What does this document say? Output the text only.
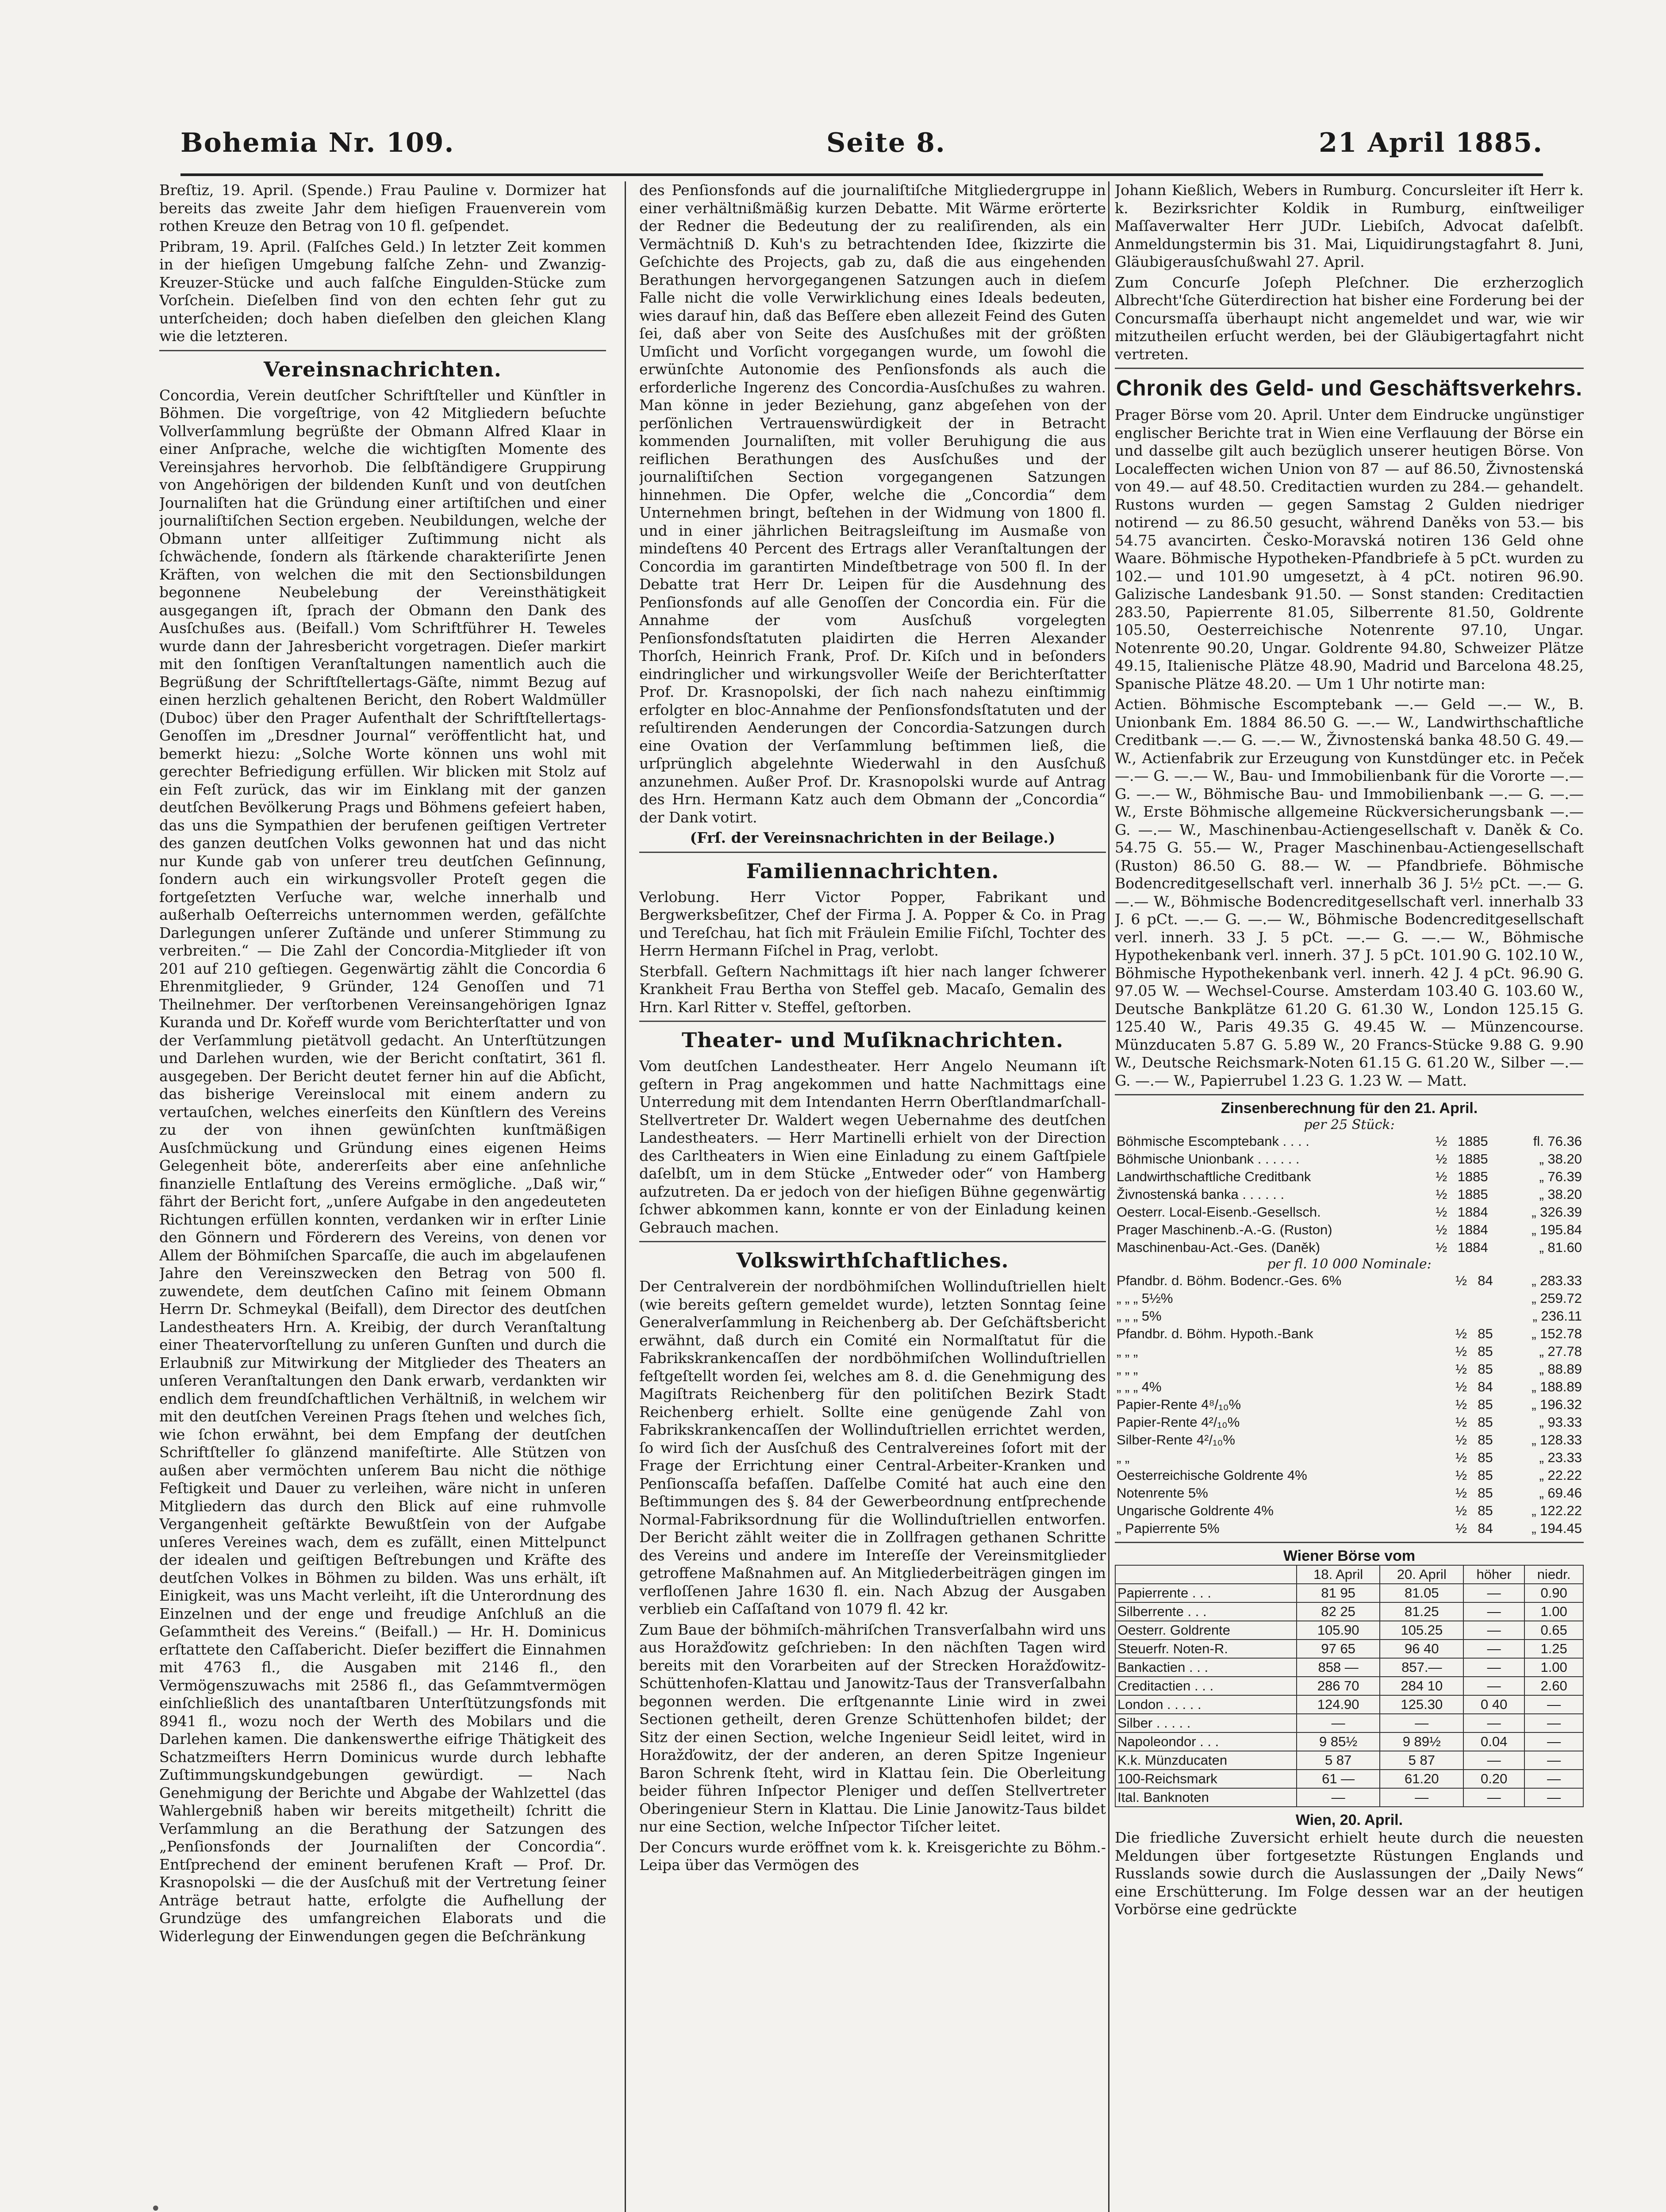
Bohemia Nr. 109.	Seite 8.	21 April 1885.

Breſtiz, 19. April. (Spende.) Frau Pauline v. Dormizer hat bereits das zweite Jahr dem hieſigen Frauenverein vom rothen Kreuze den Betrag von 10 fl. geſpendet.

Pribram, 19. April. (Falſches Geld.) In letzter Zeit kommen in der hieſigen Umgebung falſche Zehn- und Zwanzig-Kreuzer-Stücke und auch falſche Eingulden-Stücke zum Vorſchein. Dieſelben ſind von den echten ſehr gut zu unterſcheiden; doch haben dieſelben den gleichen Klang wie die letzteren.

Vereinsnachrichten.

Concordia, Verein deutſcher Schriftſteller und Künſtler in Böhmen. Die vorgeſtrige, von 42 Mitgliedern beſuchte Vollverſammlung begrüßte der Obmann Alfred Klaar in einer Anſprache, welche die wichtigſten Momente des Vereinsjahres hervorhob. Die ſelbſtändigere Gruppirung von Angehörigen der bildenden Kunſt und von deutſchen Journaliſten hat die Gründung einer artiſtiſchen und einer journaliſtiſchen Section ergeben. Neubildungen, welche der Obmann unter allſeitiger Zuſtimmung nicht als ſchwächende, ſondern als ſtärkende charakteriſirte Jenen Kräften, von welchen die mit den Sectionsbildungen begonnene Neubelebung der Vereinsthätigkeit ausgegangen iſt, ſprach der Obmann den Dank des Ausſchußes aus. (Beifall.) Vom Schriftführer H. Teweles wurde dann der Jahresbericht vorgetragen. Dieſer markirt mit den ſonſtigen Veranſtaltungen namentlich auch die Begrüßung der Schriftſtellertags-Gäſte, nimmt Bezug auf einen herzlich gehaltenen Bericht, den Robert Waldmüller (Duboc) über den Prager Aufenthalt der Schriftſtellertags-Genoſſen im „Dresdner Journal“ veröffentlicht hat, und bemerkt hiezu: „Solche Worte können uns wohl mit gerechter Befriedigung erfüllen. Wir blicken mit Stolz auf ein Feſt zurück, das wir im Einklang mit der ganzen deutſchen Bevölkerung Prags und Böhmens gefeiert haben, das uns die Sympathien der berufenen geiſtigen Vertreter des ganzen deutſchen Volks gewonnen hat und das nicht nur Kunde gab von unſerer treu deutſchen Geſinnung, ſondern auch ein wirkungsvoller Proteſt gegen die fortgeſetzten Verſuche war, welche innerhalb und außerhalb Oeſterreichs unternommen werden, gefälſchte Darlegungen unſerer Zuſtände und unſerer Stimmung zu verbreiten.“ — Die Zahl der Concordia-Mitglieder iſt von 201 auf 210 geſtiegen. Gegenwärtig zählt die Concordia 6 Ehrenmitglieder, 9 Gründer, 124 Genoſſen und 71 Theilnehmer. Der verſtorbenen Vereinsangehörigen Ignaz Kuranda und Dr. Kořeff wurde vom Berichterſtatter und von der Verſammlung pietätvoll gedacht. An Unterſtützungen und Darlehen wurden, wie der Bericht conſtatirt, 361 fl. ausgegeben. Der Bericht deutet ferner hin auf die Abſicht, das bisherige Vereinslocal mit einem andern zu vertauſchen, welches einerſeits den Künſtlern des Vereins zu der von ihnen gewünſchten kunſtmäßigen Ausſchmückung und Gründung eines eigenen Heims Gelegenheit böte, andererſeits aber eine anſehnliche finanzielle Entlaſtung des Vereins ermögliche. „Daß wir,“ fährt der Bericht fort, „unſere Aufgabe in den angedeuteten Richtungen erfüllen konnten, verdanken wir in erſter Linie den Gönnern und Förderern des Vereins, von denen vor Allem der Böhmiſchen Sparcaſſe, die auch im abgelaufenen Jahre den Vereinszwecken den Betrag von 500 fl. zuwendete, dem deutſchen Caſino mit ſeinem Obmann Herrn Dr. Schmeykal (Beifall), dem Director des deutſchen Landestheaters Hrn. A. Kreibig, der durch Veranſtaltung einer Theatervorſtellung zu unſeren Gunſten und durch die Erlaubniß zur Mitwirkung der Mitglieder des Theaters an unſeren Veranſtaltungen den Dank erwarb, verdankten wir endlich dem freundſchaftlichen Verhältniß, in welchem wir mit den deutſchen Vereinen Prags ſtehen und welches ſich, wie ſchon erwähnt, bei dem Empfang der deutſchen Schriftſteller ſo glänzend manifeſtirte. Alle Stützen von außen aber vermöchten unſerem Bau nicht die nöthige Feſtigkeit und Dauer zu verleihen, wäre nicht in unſeren Mitgliedern das durch den Blick auf eine ruhmvolle Vergangenheit geſtärkte Bewußtſein von der Aufgabe unſeres Vereines wach, dem es zufällt, einen Mittelpunct der idealen und geiſtigen Beſtrebungen und Kräfte des deutſchen Volkes in Böhmen zu bilden. Was uns erhält, iſt Einigkeit, was uns Macht verleiht, iſt die Unterordnung des Einzelnen und der enge und freudige Anſchluß an die Geſammtheit des Vereins.“ (Beifall.) — Hr. H. Dominicus erſtattete den Caſſabericht. Dieſer beziffert die Einnahmen mit 4763 fl., die Ausgaben mit 2146 fl., den Vermögenszuwachs mit 2586 fl., das Geſammtvermögen einſchließlich des unantaſtbaren Unterſtützungsfonds mit 8941 fl., wozu noch der Werth des Mobilars und die Darlehen kamen. Die dankenswerthe eifrige Thätigkeit des Schatzmeiſters Herrn Dominicus wurde durch lebhafte Zuſtimmungskundgebungen gewürdigt. — Nach Genehmigung der Berichte und Abgabe der Wahlzettel (das Wahlergebniß haben wir bereits mitgetheilt) ſchritt die Verſammlung an die Berathung der Satzungen des „Penſionsfonds der Journaliſten der Concordia“. Entſprechend der eminent berufenen Kraft — Prof. Dr. Krasnopolski — die der Ausſchuß mit der Vertretung ſeiner Anträge betraut hatte, erfolgte die Aufhellung der Grundzüge des umfangreichen Elaborats und die Widerlegung der Einwendungen gegen die Beſchränkung

des Penſionsfonds auf die journaliſtiſche Mitgliedergruppe in einer verhältnißmäßig kurzen Debatte. Mit Wärme erörterte der Redner die Bedeutung der zu realiſirenden, als ein Vermächtniß D. Kuh's zu betrachtenden Idee, ſkizzirte die Geſchichte des Projects, gab zu, daß die aus eingehenden Berathungen hervorgegangenen Satzungen auch in dieſem Falle nicht die volle Verwirklichung eines Ideals bedeuten, wies darauf hin, daß das Beſſere eben allezeit Feind des Guten ſei, daß aber von Seite des Ausſchußes mit der größten Umſicht und Vorſicht vorgegangen wurde, um ſowohl die erwünſchte Autonomie des Penſionsfonds als auch die erforderliche Ingerenz des Concordia-Ausſchußes zu wahren. Man könne in jeder Beziehung, ganz abgeſehen von der perſönlichen Vertrauenswürdigkeit der in Betracht kommenden Journaliſten, mit voller Beruhigung die aus reiflichen Berathungen des Ausſchußes und der journaliſtiſchen Section vorgegangenen Satzungen hinnehmen. Die Opfer, welche die „Concordia“ dem Unternehmen bringt, beſtehen in der Widmung von 1800 fl. und in einer jährlichen Beitragsleiſtung im Ausmaße von mindeſtens 40 Percent des Ertrags aller Veranſtaltungen der Concordia im garantirten Mindeſtbetrage von 500 fl. In der Debatte trat Herr Dr. Leipen für die Ausdehnung des Penſionsfonds auf alle Genoſſen der Concordia ein. Für die Annahme der vom Ausſchuß vorgelegten Penſionsfondsſtatuten plaidirten die Herren Alexander Thorſch, Heinrich Frank, Prof. Dr. Kiſch und in beſonders eindringlicher und wirkungsvoller Weiſe der Berichterſtatter Prof. Dr. Krasnopolski, der ſich nach nahezu einſtimmig erfolgter en bloc-Annahme der Penſionsfondsſtatuten und der reſultirenden Aenderungen der Concordia-Satzungen durch eine Ovation der Verſammlung beſtimmen ließ, die urſprünglich abgelehnte Wiederwahl in den Ausſchuß anzunehmen. Außer Prof. Dr. Krasnopolski wurde auf Antrag des Hrn. Hermann Katz auch dem Obmann der „Concordia“ der Dank votirt.

(Frſ. der Vereinsnachrichten in der Beilage.)

Familiennachrichten.

Verlobung. Herr Victor Popper, Fabrikant und Bergwerksbeſitzer, Chef der Firma J. A. Popper & Co. in Prag und Tereſchau, hat ſich mit Fräulein Emilie Fiſchl, Tochter des Herrn Hermann Fiſchel in Prag, verlobt.

Sterbfall. Geſtern Nachmittags iſt hier nach langer ſchwerer Krankheit Frau Bertha von Steffel geb. Macaſo, Gemalin des Hrn. Karl Ritter v. Steffel, geſtorben.

Theater- und Muſiknachrichten.

Vom deutſchen Landestheater. Herr Angelo Neumann iſt geſtern in Prag angekommen und hatte Nachmittags eine Unterredung mit dem Intendanten Herrn Oberſtlandmarſchall-Stellvertreter Dr. Waldert wegen Uebernahme des deutſchen Landestheaters. — Herr Martinelli erhielt von der Direction des Carltheaters in Wien eine Einladung zu einem Gaſtſpiele daſelbſt, um in dem Stücke „Entweder oder“ von Hamberg aufzutreten. Da er jedoch von der hieſigen Bühne gegenwärtig ſchwer abkommen kann, konnte er von der Einladung keinen Gebrauch machen.

Volkswirthſchaftliches.

Der Centralverein der nordböhmiſchen Wollinduſtriellen hielt (wie bereits geſtern gemeldet wurde), letzten Sonntag ſeine Generalverſammlung in Reichenberg ab. Der Geſchäftsbericht erwähnt, daß durch ein Comité ein Normalſtatut für die Fabrikskrankencaſſen der nordböhmiſchen Wollinduſtriellen feſtgeſtellt worden ſei, welches am 8. d. die Genehmigung des Magiſtrats Reichenberg für den politiſchen Bezirk Stadt Reichenberg erhielt. Sollte eine genügende Zahl von Fabrikskrankencaſſen der Wollinduſtriellen errichtet werden, ſo wird ſich der Ausſchuß des Centralvereines ſofort mit der Frage der Errichtung einer Central-Arbeiter-Kranken und Penſionscaſſa befaſſen. Daſſelbe Comité hat auch eine den Beſtimmungen des §. 84 der Gewerbeordnung entſprechende Normal-Fabriksordnung für die Wollinduſtriellen entworfen. Der Bericht zählt weiter die in Zollfragen gethanen Schritte des Vereins und andere im Intereſſe der Vereinsmitglieder getroffene Maßnahmen auf. An Mitgliederbeiträgen gingen im verfloſſenen Jahre 1630 fl. ein. Nach Abzug der Ausgaben verblieb ein Caſſaſtand von 1079 fl. 42 kr.

Zum Baue der böhmiſch-mähriſchen Transverſalbahn wird uns aus Horažďowitz geſchrieben: In den nächſten Tagen wird bereits mit den Vorarbeiten auf der Strecken Horažďowitz-Schüttenhofen-Klattau und Janowitz-Taus der Transverſalbahn begonnen werden. Die erſtgenannte Linie wird in zwei Sectionen getheilt, deren Grenze Schüttenhofen bildet; der Sitz der einen Section, welche Ingenieur Seidl leitet, wird in Horažďowitz, der der anderen, an deren Spitze Ingenieur Baron Schrenk ſteht, wird in Klattau ſein. Die Oberleitung beider führen Inſpector Pleniger und deſſen Stellvertreter Oberingenieur Stern in Klattau. Die Linie Janowitz-Taus bildet nur eine Section, welche Inſpector Tiſcher leitet.

Der Concurs wurde eröffnet vom k. k. Kreisgerichte zu Böhm.-Leipa über das Vermögen des

Johann Kießlich, Webers in Rumburg. Concursleiter iſt Herr k. k. Bezirksrichter Koldik in Rumburg, einſtweiliger Maſſaverwalter Herr JUDr. Liebiſch, Advocat daſelbſt. Anmeldungstermin bis 31. Mai, Liquidirungstagfahrt 8. Juni, Gläubigerausſchußwahl 27. April.

Zum Concurſe Joſeph Pleſchner. Die erzherzoglich Albrecht'ſche Güterdirection hat bisher eine Forderung bei der Concursmaſſa überhaupt nicht angemeldet und war, wie wir mitzutheilen erſucht werden, bei der Gläubigertagfahrt nicht vertreten.

Chronik des Geld- und Geschäftsverkehrs.

Prager Börse vom 20. April. Unter dem Eindrucke ungünstiger englischer Berichte trat in Wien eine Verflauung der Börse ein und dasselbe gilt auch bezüglich unserer heutigen Börse. Von Localeffecten wichen Union von 87 — auf 86.50, Živnostenská von 49.— auf 48.50. Creditactien wurden zu 284.— gehandelt. Rustons wurden — gegen Samstag 2 Gulden niedriger notirend — zu 86.50 gesucht, während Daněks von 53.— bis 54.75 avancirten. Česko-Moravská notiren 136 Geld ohne Waare. Böhmische Hypotheken-Pfandbriefe à 5 pCt. wurden zu 102.— und 101.90 umgesetzt, à 4 pCt. notiren 96.90. Galizische Landesbank 91.50. — Sonst standen: Creditactien 283.50, Papierrente 81.05, Silberrente 81.50, Goldrente 105.50, Oesterreichische Notenrente 97.10, Ungar. Notenrente 90.20, Ungar. Goldrente 94.80, Schweizer Plätze 49.15, Italienische Plätze 48.90, Madrid und Barcelona 48.25, Spanische Plätze 48.20. — Um 1 Uhr notirte man:

Actien. Böhmische Escomptebank —.— Geld —.— W., B. Unionbank Em. 1884 86.50 G. —.— W., Landwirthschaftliche Creditbank —.— G. —.— W., Živnostenská banka 48.50 G. 49.— W., Actienfabrik zur Erzeugung von Kunstdünger etc. in Peček —.— G. —.— W., Bau- und Immobilienbank für die Vororte —.— G. —.— W., Böhmische Bau- und Immobilienbank —.— G. —.— W., Erste Böhmische allgemeine Rückversicherungsbank —.— G. —.— W., Maschinenbau-Actiengesellschaft v. Daněk & Co. 54.75 G. 55.— W., Prager Maschinenbau-Actiengesellschaft (Ruston) 86.50 G. 88.— W. — Pfandbriefe. Böhmische Bodencreditgesellschaft verl. innerhalb 36 J. 5½ pCt. —.— G. —.— W., Böhmische Bodencreditgesellschaft verl. innerhalb 33 J. 6 pCt. —.— G. —.— W., Böhmische Bodencreditgesellschaft verl. innerh. 33 J. 5 pCt. —.— G. —.— W., Böhmische Hypothekenbank verl. innerh. 37 J. 5 pCt. 101.90 G. 102.10 W., Böhmische Hypothekenbank verl. innerh. 42 J. 4 pCt. 96.90 G. 97.05 W. — Wechsel-Course. Amsterdam 103.40 G. 103.60 W., Deutsche Bankplätze 61.20 G. 61.30 W., London 125.15 G. 125.40 W., Paris 49.35 G. 49.45 W. — Münzencourse. Münzducaten 5.87 G. 5.89 W., 20 Francs-Stücke 9.88 G. 9.90 W., Deutsche Reichsmark-Noten 61.15 G. 61.20 W., Silber —.— G. —.— W., Papierrubel 1.23 G. 1.23 W. — Matt.

Zinsenberechnung für den 21. April.
per 25 Stück:
Böhmische Escomptebank . . . .	½	1885	fl. 76.36
Böhmische Unionbank . . . . . .	½	1885	„ 38.20
Landwirthschaftliche Creditbank	½	1885	„ 76.39
Živnostenská banka . . . . . .	½	1885	„ 38.20
Oesterr. Local-Eisenb.-Gesellsch.	½	1884	„ 326.39
Prager Maschinenb.-A.-G. (Ruston)	½	1884	„ 195.84
Maschinenbau-Act.-Ges. (Daněk)	½	1884	„ 81.60
per fl. 10 000 Nominale:
Pfandbr. d. Böhm. Bodencr.-Ges. 6%	½	84	„ 283.33
„ „ „ 5½%			„ 259.72
„ „ „ 5%			„ 236.11
Pfandbr. d. Böhm. Hypoth.-Bank	½	85	„ 152.78
„ „ „	½	85	„ 27.78
„ „ „	½	85	„ 88.89
„ „ „ 4%	½	84	„ 188.89
Papier-Rente 4⁸/₁₀%	½	85	„ 196.32
Papier-Rente 4²/₁₀%	½	85	„ 93.33
Silber-Rente 4²/₁₀%	½	85	„ 128.33
„ „	½	85	„ 23.33
Oesterreichische Goldrente 4%	½	85	„ 22.22
Notenrente 5%	½	85	„ 69.46
Ungarische Goldrente 4%	½	85	„ 122.22
„ Papierrente 5%	½	84	„ 194.45
Wiener Börse vom
	18. April	20. April	höher	niedr.
Papierrente . . .	81 95	81.05	—	0.90
Silberrente . . .	82 25	81.25	—	1.00
Oesterr. Goldrente	105.90	105.25	—	0.65
Steuerfr. Noten-R.	97 65	96 40	—	1.25
Bankactien . . .	858 —	857.—	—	1.00
Creditactien . . .	286 70	284 10	—	2.60
London . . . . .	124.90	125.30	0 40	—
Silber . . . . .	—	—	—	—
Napoleondor . . .	9 85½	9 89½	0.04	—
K.k. Münzducaten	5 87	5 87	—	—
100-Reichsmark	61 —	61.20	0.20	—
Ital. Banknoten	—	—	—	—
Wien, 20. April.

Die friedliche Zuversicht erhielt heute durch die neuesten Meldungen über fortgesetzte Rüstungen Englands und Russlands sowie durch die Auslassungen der „Daily News“ eine Erschütterung. Im Folge dessen war an der heutigen Vorbörse eine gedrückte

•
